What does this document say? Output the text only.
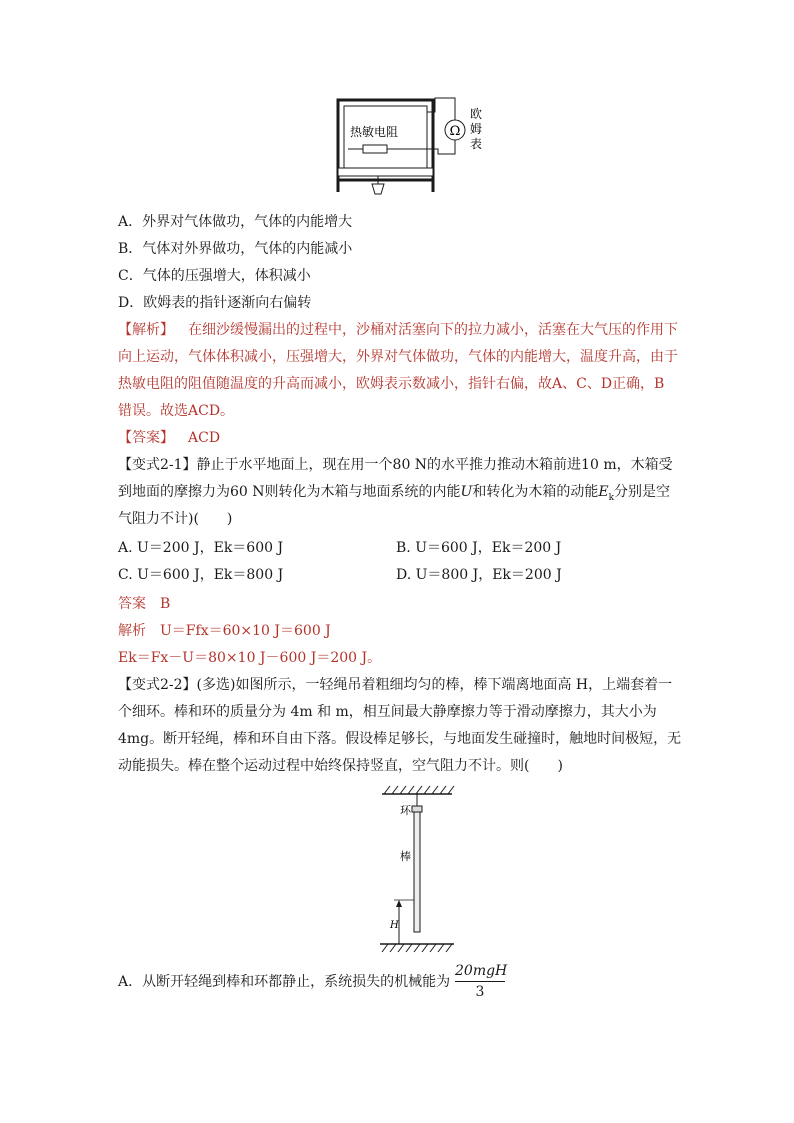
Ω
热敏电阻
欧
姆
表
A．外界对气体做功，气体的内能增大
B．气体对外界做功，气体的内能减小
C．气体的压强增大，体积减小
D．欧姆表的指针逐渐向右偏转
【解析】 在细沙缓慢漏出的过程中，沙桶对活塞向下的拉力减小，活塞在大气压的作用下
向上运动，气体体积减小，压强增大，外界对气体做功，气体的内能增大，温度升高，由于
热敏电阻的阻值随温度的升高而减小，欧姆表示数减小，指针右偏，故A、C、D正确，B
错误。故选ACD。
【答案】 ACD
【变式2-1】静止于水平地面上，现在用一个80 N的水平推力推动木箱前进10 m，木箱受
到地面的摩擦力为60 N则转化为木箱与地面系统的内能U和转化为木箱的动能$E_k$分别是空
气阻力不计)(　　)
A. U＝200 J，Ek＝600 J	B. U＝600 J，Ek＝200 J
C. U＝600 J，Ek＝800 J	D. U＝800 J，Ek＝200 J
答案 B
解析 U＝Ffx＝60×10 J＝600 J
Ek＝Fx－U＝80×10 J－600 J＝200 J。
【变式2-2】(多选)如图所示，一轻绳吊着粗细均匀的棒，棒下端离地面高 H，上端套着一
个细环。棒和环的质量分为 4m 和 m，相互间最大静摩擦力等于滑动摩擦力，其大小为
4mg。断开轻绳，棒和环自由下落。假设棒足够长，与地面发生碰撞时，触地时间极短，无
动能损失。棒在整个运动过程中始终保持竖直，空气阻力不计。则(　　)
环
棒
H
A．从断开轻绳到棒和环都静止，系统损失的机械能为
20mgH
3
